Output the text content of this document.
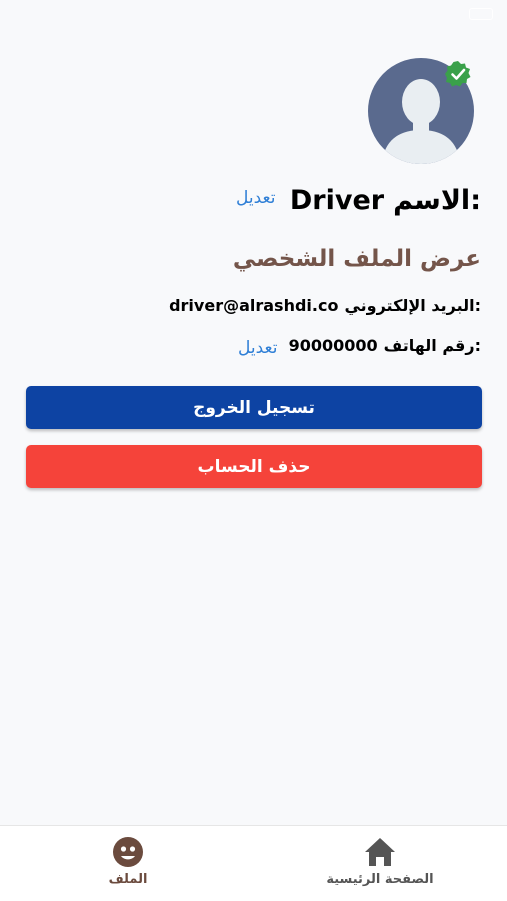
الاسم:
Driver
تعديل
عرض الملف الشخصي
البريد الإلكتروني:
driver@alrashdi.co
رقم الهاتف:
90000000
تعديل
تسجيل الخروج
حذف الحساب
الملف	الصفحة الرئيسية
